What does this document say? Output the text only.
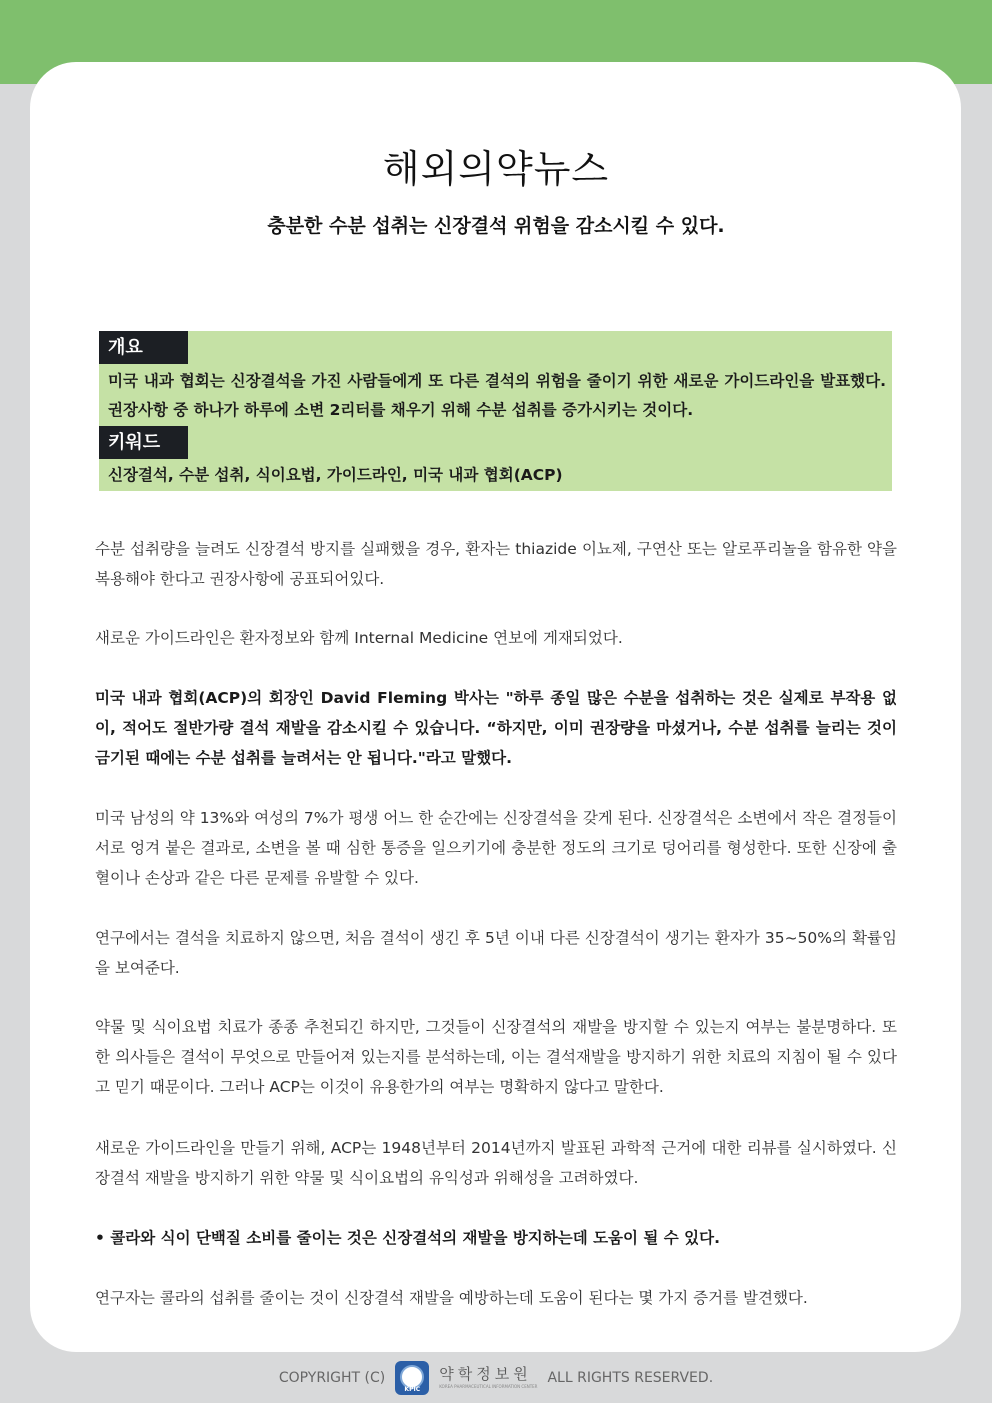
해외의약뉴스
충분한 수분 섭취는 신장결석 위험을 감소시킬 수 있다.
개요
미국 내과 협회는 신장결석을 가진 사람들에게 또 다른 결석의 위험을 줄이기 위한 새로운 가이드라인을 발표했다. 권장사항 중 하나가 하루에 소변 2리터를 채우기 위해 수분 섭취를 증가시키는 것이다.
키워드
신장결석, 수분 섭취, 식이요법, 가이드라인, 미국 내과 협회(ACP)

수분 섭취량을 늘려도 신장결석 방지를 실패했을 경우, 환자는 thiazide 이뇨제, 구연산 또는 알로푸리놀을 함유한 약을 복용해야 한다고 권장사항에 공표되어있다.

새로운 가이드라인은 환자정보와 함께 Internal Medicine 연보에 게재되었다.

미국 내과 협회(ACP)의 회장인 David Fleming 박사는 "하루 종일 많은 수분을 섭취하는 것은 실제로 부작용 없이, 적어도 절반가량 결석 재발을 감소시킬 수 있습니다. “하지만, 이미 권장량을 마셨거나, 수분 섭취를 늘리는 것이 금기된 때에는 수분 섭취를 늘려서는 안 됩니다."라고 말했다.

미국 남성의 약 13%와 여성의 7%가 평생 어느 한 순간에는 신장결석을 갖게 된다. 신장결석은 소변에서 작은 결정들이 서로 엉겨 붙은 결과로, 소변을 볼 때 심한 통증을 일으키기에 충분한 정도의 크기로 덩어리를 형성한다. 또한 신장에 출혈이나 손상과 같은 다른 문제를 유발할 수 있다.

연구에서는 결석을 치료하지 않으면, 처음 결석이 생긴 후 5년 이내 다른 신장결석이 생기는 환자가 35~50%의 확률임을 보여준다.

약물 및 식이요법 치료가 종종 추천되긴 하지만, 그것들이 신장결석의 재발을 방지할 수 있는지 여부는 불분명하다. 또한 의사들은 결석이 무엇으로 만들어져 있는지를 분석하는데, 이는 결석재발을 방지하기 위한 치료의 지침이 될 수 있다고 믿기 때문이다. 그러나 ACP는 이것이 유용한가의 여부는 명확하지 않다고 말한다.

새로운 가이드라인을 만들기 위해, ACP는 1948년부터 2014년까지 발표된 과학적 근거에 대한 리뷰를 실시하였다. 신장결석 재발을 방지하기 위한 약물 및 식이요법의 유익성과 위해성을 고려하였다.

• 콜라와 식이 단백질 소비를 줄이는 것은 신장결석의 재발을 방지하는데 도움이 될 수 있다.

연구자는 콜라의 섭취를 줄이는 것이 신장결석 재발을 예방하는데 도움이 된다는 몇 가지 증거를 발견했다.

COPYRIGHT (C)
KPIC
약학정보원
KOREA PHARMACEUTICAL INFORMATION CENTER
ALL RIGHTS RESERVED.
